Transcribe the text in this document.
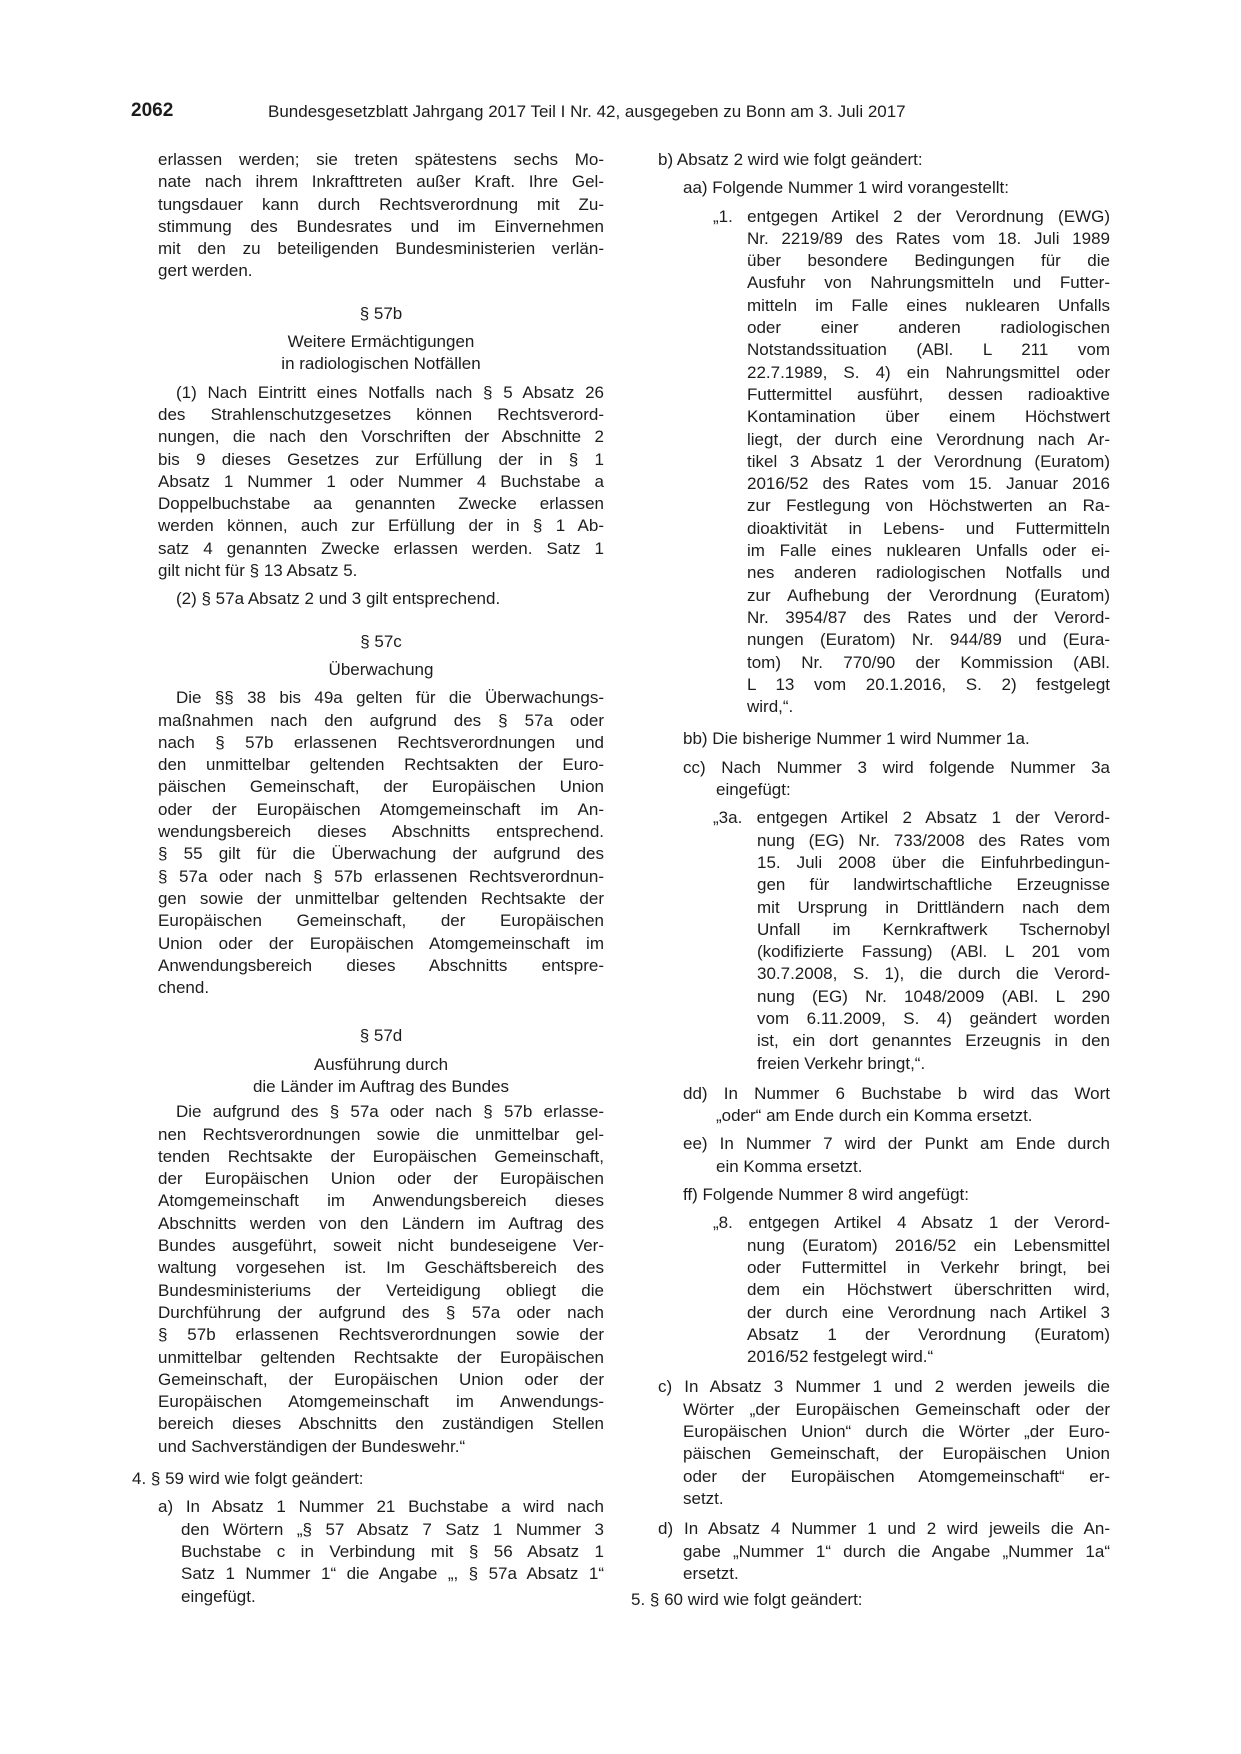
2062	Bundesgesetzblatt Jahrgang 2017 Teil I Nr. 42, ausgegeben zu Bonn am 3. Juli 2017
erlassen werden; sie treten spätestens sechs Mo-
nate nach ihrem Inkrafttreten außer Kraft. Ihre Gel-
tungsdauer kann durch Rechtsverordnung mit Zu-
stimmung des Bundesrates und im Einvernehmen
mit den zu beteiligenden Bundesministerien verlän-
gert werden.
§ 57b
Weitere Ermächtigungen
in radiologischen Notfällen
(1) Nach Eintritt eines Notfalls nach § 5 Absatz 26
des Strahlenschutzgesetzes können Rechtsverord-
nungen, die nach den Vorschriften der Abschnitte 2
bis 9 dieses Gesetzes zur Erfüllung der in § 1
Absatz 1 Nummer 1 oder Nummer 4 Buchstabe a
Doppelbuchstabe aa genannten Zwecke erlassen
werden können, auch zur Erfüllung der in § 1 Ab-
satz 4 genannten Zwecke erlassen werden. Satz 1
gilt nicht für § 13 Absatz 5.
(2) § 57a Absatz 2 und 3 gilt entsprechend.
§ 57c
Überwachung
Die §§ 38 bis 49a gelten für die Überwachungs-
maßnahmen nach den aufgrund des § 57a oder
nach § 57b erlassenen Rechtsverordnungen und
den unmittelbar geltenden Rechtsakten der Euro-
päischen Gemeinschaft, der Europäischen Union
oder der Europäischen Atomgemeinschaft im An-
wendungsbereich dieses Abschnitts entsprechend.
§ 55 gilt für die Überwachung der aufgrund des
§ 57a oder nach § 57b erlassenen Rechtsverordnun-
gen sowie der unmittelbar geltenden Rechtsakte der
Europäischen Gemeinschaft, der Europäischen
Union oder der Europäischen Atomgemeinschaft im
Anwendungsbereich dieses Abschnitts entspre-
chend.
§ 57d
Ausführung durch
die Länder im Auftrag des Bundes
Die aufgrund des § 57a oder nach § 57b erlasse-
nen Rechtsverordnungen sowie die unmittelbar gel-
tenden Rechtsakte der Europäischen Gemeinschaft,
der Europäischen Union oder der Europäischen
Atomgemeinschaft im Anwendungsbereich dieses
Abschnitts werden von den Ländern im Auftrag des
Bundes ausgeführt, soweit nicht bundeseigene Ver-
waltung vorgesehen ist. Im Geschäftsbereich des
Bundesministeriums der Verteidigung obliegt die
Durchführung der aufgrund des § 57a oder nach
§ 57b erlassenen Rechtsverordnungen sowie der
unmittelbar geltenden Rechtsakte der Europäischen
Gemeinschaft, der Europäischen Union oder der
Europäischen Atomgemeinschaft im Anwendungs-
bereich dieses Abschnitts den zuständigen Stellen
und Sachverständigen der Bundeswehr.“
4. § 59 wird wie folgt geändert:
a) In Absatz 1 Nummer 21 Buchstabe a wird nach
den Wörtern „§ 57 Absatz 7 Satz 1 Nummer 3
Buchstabe c in Verbindung mit § 56 Absatz 1
Satz 1 Nummer 1“ die Angabe „, § 57a Absatz 1“
eingefügt.
b) Absatz 2 wird wie folgt geändert:
aa) Folgende Nummer 1 wird vorangestellt:
„1. entgegen Artikel 2 der Verordnung (EWG)
Nr. 2219/89 des Rates vom 18. Juli 1989
über besondere Bedingungen für die
Ausfuhr von Nahrungsmitteln und Futter-
mitteln im Falle eines nuklearen Unfalls
oder einer anderen radiologischen
Notstandssituation (ABl. L 211 vom
22.7.1989, S. 4) ein Nahrungsmittel oder
Futtermittel ausführt, dessen radioaktive
Kontamination über einem Höchstwert
liegt, der durch eine Verordnung nach Ar-
tikel 3 Absatz 1 der Verordnung (Euratom)
2016/52 des Rates vom 15. Januar 2016
zur Festlegung von Höchstwerten an Ra-
dioaktivität in Lebens- und Futtermitteln
im Falle eines nuklearen Unfalls oder ei-
nes anderen radiologischen Notfalls und
zur Aufhebung der Verordnung (Euratom)
Nr. 3954/87 des Rates und der Verord-
nungen (Euratom) Nr. 944/89 und (Eura-
tom) Nr. 770/90 der Kommission (ABl.
L 13 vom 20.1.2016, S. 2) festgelegt
wird,“.
bb) Die bisherige Nummer 1 wird Nummer 1a.
cc) Nach Nummer 3 wird folgende Nummer 3a
eingefügt:
„3a. entgegen Artikel 2 Absatz 1 der Verord-
nung (EG) Nr. 733/2008 des Rates vom
15. Juli 2008 über die Einfuhrbedingun-
gen für landwirtschaftliche Erzeugnisse
mit Ursprung in Drittländern nach dem
Unfall im Kernkraftwerk Tschernobyl
(kodifizierte Fassung) (ABl. L 201 vom
30.7.2008, S. 1), die durch die Verord-
nung (EG) Nr. 1048/2009 (ABl. L 290
vom 6.11.2009, S. 4) geändert worden
ist, ein dort genanntes Erzeugnis in den
freien Verkehr bringt,“.
dd) In Nummer 6 Buchstabe b wird das Wort
„oder“ am Ende durch ein Komma ersetzt.
ee) In Nummer 7 wird der Punkt am Ende durch
ein Komma ersetzt.
ff) Folgende Nummer 8 wird angefügt:
„8. entgegen Artikel 4 Absatz 1 der Verord-
nung (Euratom) 2016/52 ein Lebensmittel
oder Futtermittel in Verkehr bringt, bei
dem ein Höchstwert überschritten wird,
der durch eine Verordnung nach Artikel 3
Absatz 1 der Verordnung (Euratom)
2016/52 festgelegt wird.“
c) In Absatz 3 Nummer 1 und 2 werden jeweils die
Wörter „der Europäischen Gemeinschaft oder der
Europäischen Union“ durch die Wörter „der Euro-
päischen Gemeinschaft, der Europäischen Union
oder der Europäischen Atomgemeinschaft“ er-
setzt.
d) In Absatz 4 Nummer 1 und 2 wird jeweils die An-
gabe „Nummer 1“ durch die Angabe „Nummer 1a“
ersetzt.
5. § 60 wird wie folgt geändert:
